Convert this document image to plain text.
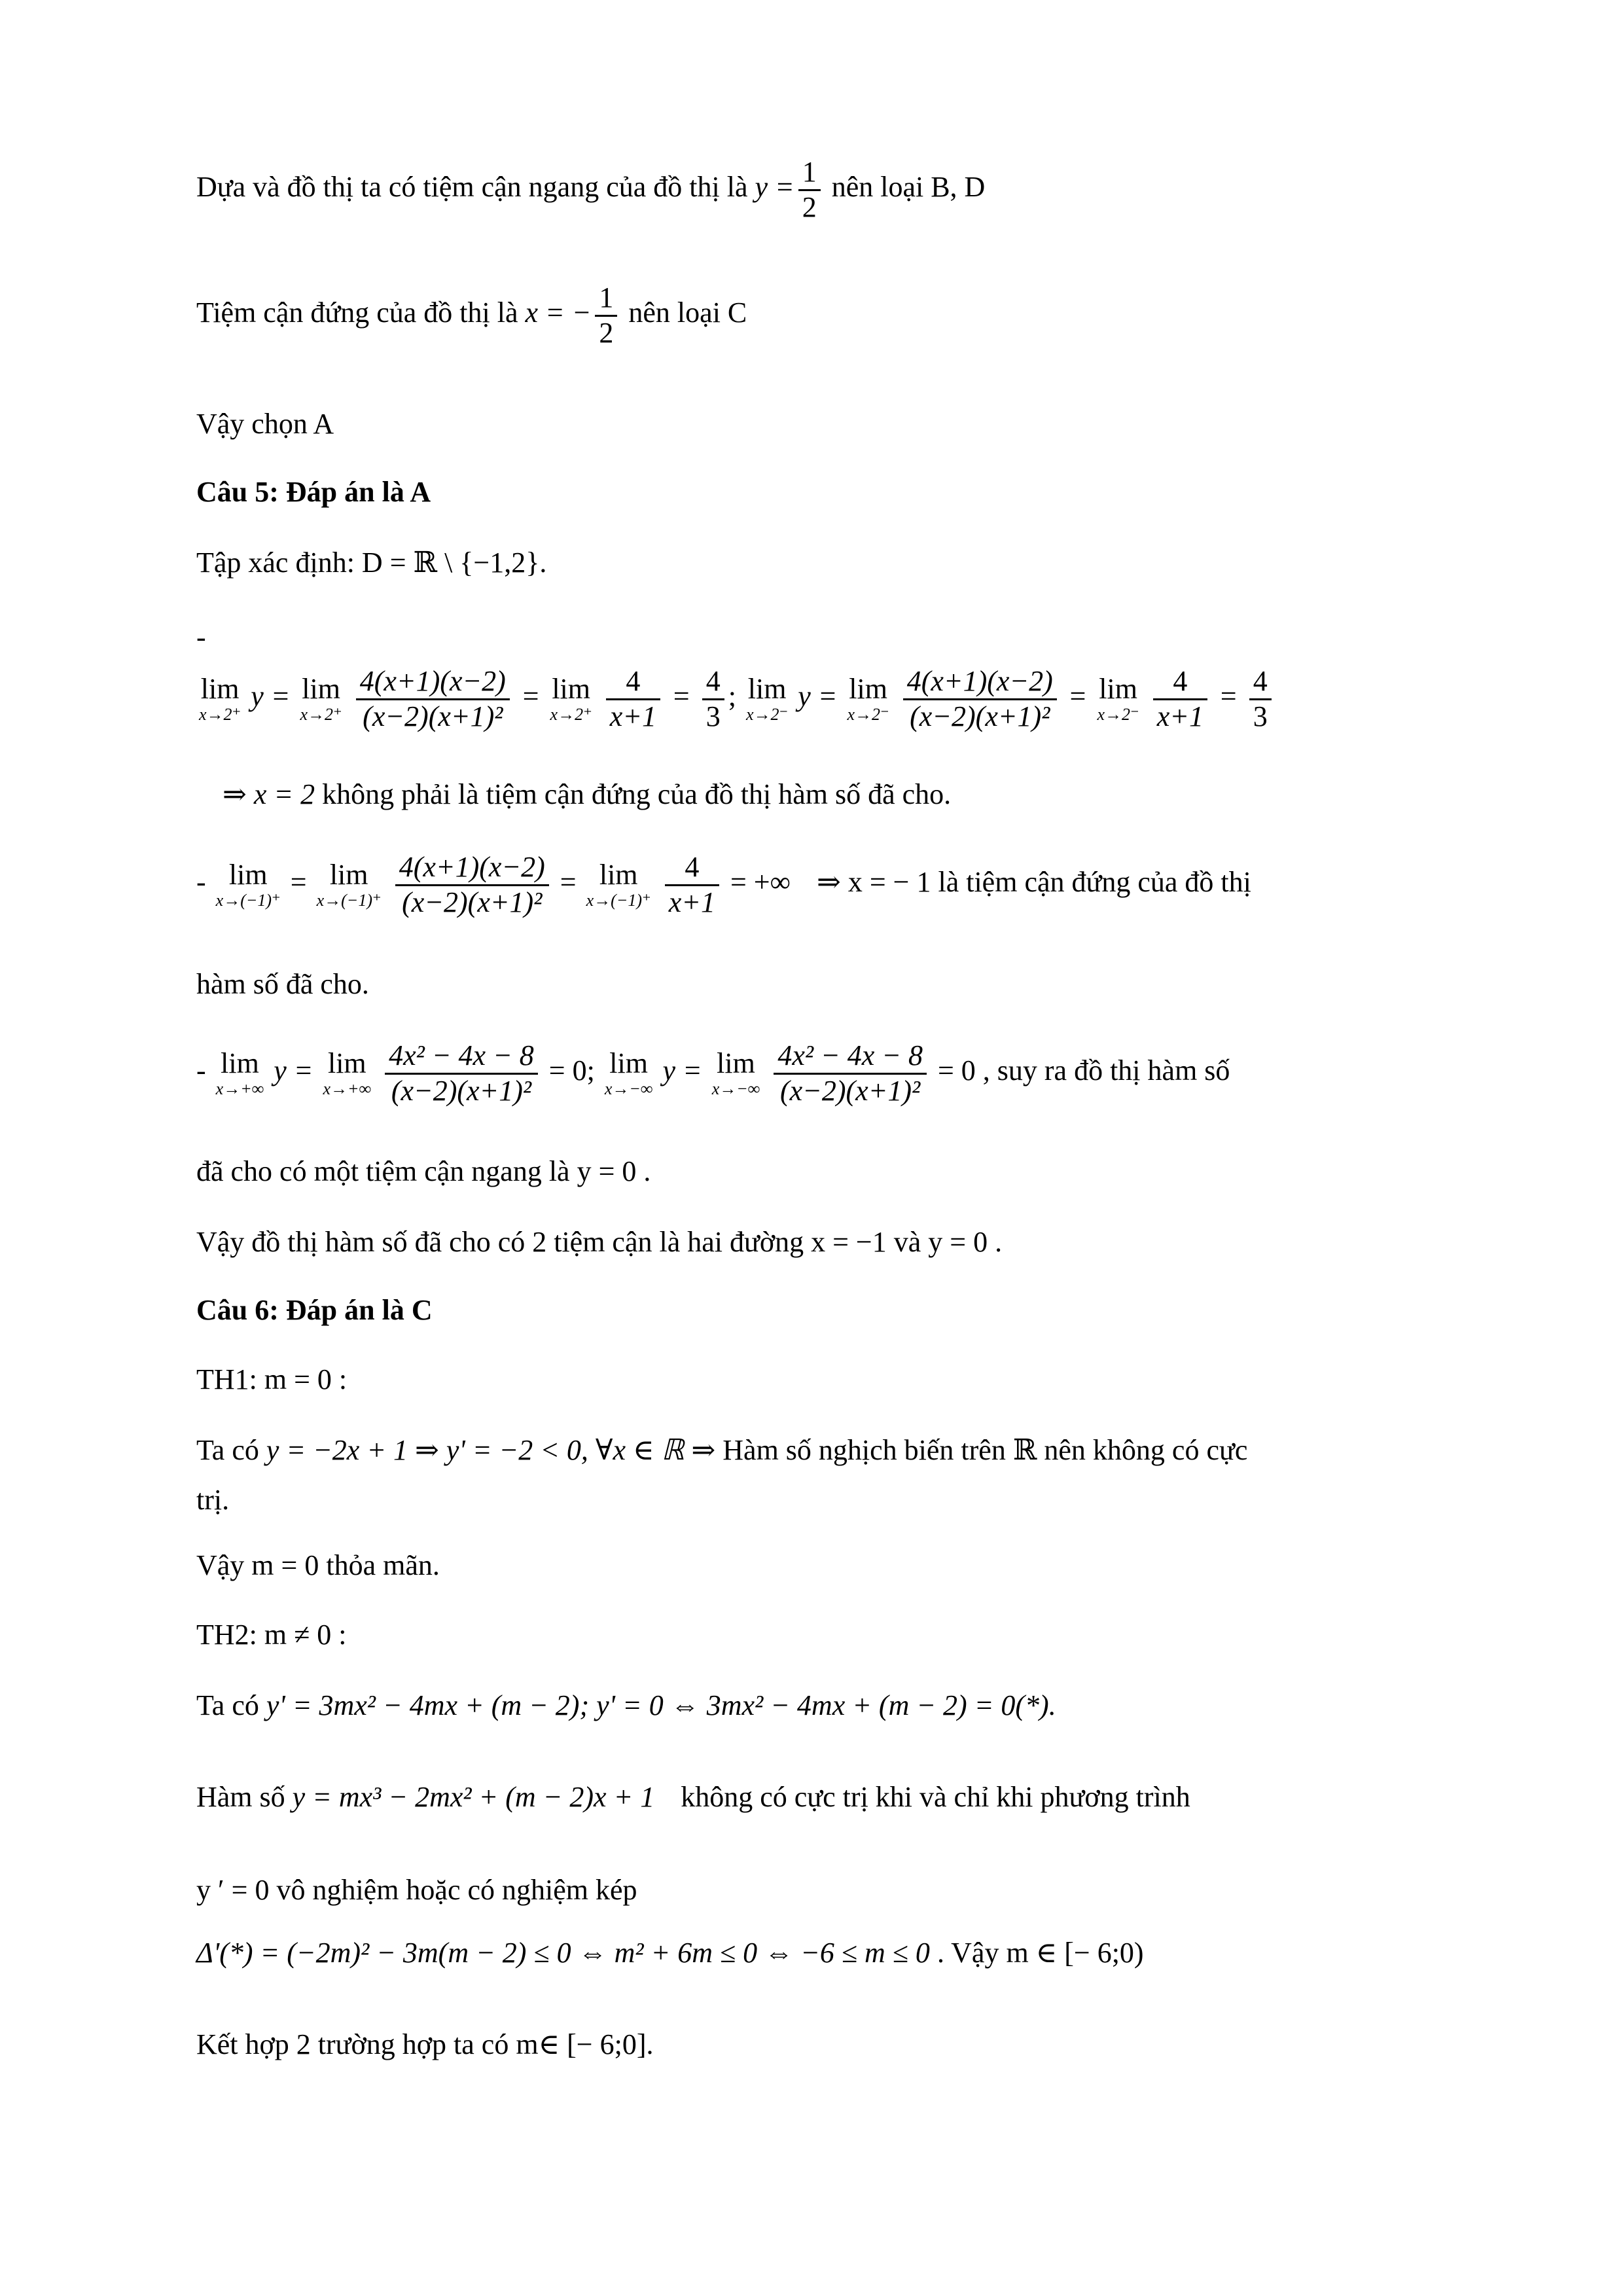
Dựa và đồ thị ta có tiệm cận ngang của đồ thị là $y = \frac{1}{2}$ nên loại B, D
Tiệm cận đứng của đồ thị là x = − $\frac{1}{2}$ nên loại C
Vậy chọn A
Câu 5: Đáp án là A
Tập xác định: D = ℝ \ {−1,2}.
-
lim
x→2⁺
y = lim
x→2⁺
$\frac{4(x+1)(x-2)}{\text{(x−2)(x+1)²}} = \lim$
x→2⁺
$\frac{4}{x+1} = \frac{4}{3}$ ; lim
x→2⁻
y = lim
x→2⁻
$\frac{4(x+1)(x-2)}{\text{(x−2)(x+1)²}} = \lim$
x→2⁻
$\frac{4}{x+1} = \frac{4}{3}$
⇒ x = 2 không phải là tiệm cận đứng của đồ thị hàm số đã cho.
- lim
x→(−1)⁺
= lim
x→(−1)⁺
$\frac{4(x+1)(x-2)}{\text{(x−2)(x+1)²}} = \lim$
x→(−1)⁺
$\frac{4}{x+1}$ = +∞ ⇒ x = − 1 là tiệm cận đứng của đồ thị
hàm số đã cho.
- lim
x→+∞
y = lim
x→+∞
$\frac{\text{4x² − 4x − 8}}{\text{(x−2)(x+1)²}} = 0$; lim
x→−∞
y = lim
x→−∞
$\frac{\text{4x² − 4x − 8}}{\text{(x−2)(x+1)²}} = 0$ , suy ra đồ thị hàm số
đã cho có một tiệm cận ngang là y = 0 .
Vậy đồ thị hàm số đã cho có 2 tiệm cận là hai đường x = −1 và y = 0 .
Câu 6: Đáp án là C
TH1: m = 0 :
Ta có y = −2x + 1 ⇒ y' = −2 < 0, ∀x ∈ ℝ ⇒ Hàm số nghịch biến trên ℝ nên không có cực
trị.
Vậy m = 0 thỏa mãn.
TH2: m ≠ 0 :
Ta có y' = 3mx² − 4mx + (m − 2); y' = 0 ⇔ 3mx² − 4mx + (m − 2) = 0(*).
Hàm số y = mx³ − 2mx² + (m − 2)x + 1 không có cực trị khi và chỉ khi phương trình
y ′ = 0 vô nghiệm hoặc có nghiệm kép
Δ'(*) = (−2m)² − 3m(m − 2) ≤ 0 ⇔ m² + 6m ≤ 0 ⇔ −6 ≤ m ≤ 0 . Vậy m ∈ [− 6;0)
Kết hợp 2 trường hợp ta có m∈ [− 6;0].
